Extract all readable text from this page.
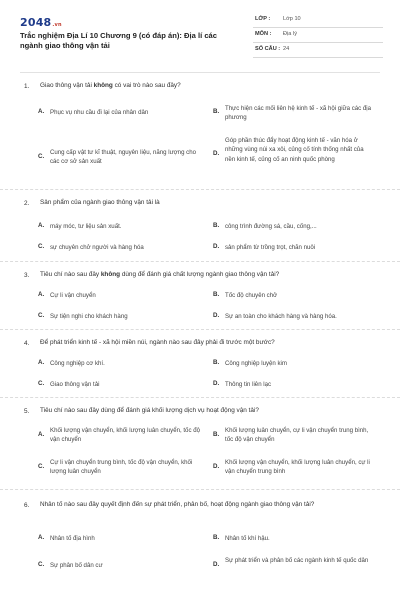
2048.vn
Trắc nghiệm Địa Lí 10 Chương 9 (có đáp án): Địa lí các ngành giao thông vận tải
LỚP : Lớp 10
MÔN : Địa lý
SỐ CÂU : 24
1. Giao thông vận tải không có vai trò nào sau đây?
A. Phục vụ nhu cầu đi lại của nhân dân	B. Thực hiện các mối liên hệ kinh tế - xã hội giữa các địa phương
C.
Cung cấp vật tư kĩ thuật, nguyên liệu, năng lượng cho các cơ sở sản xuất
D.
Góp phần thúc đẩy hoạt động kinh tế - văn hóa ở những vùng núi xa xôi, củng cố tính thống nhất của nền kinh tế, củng cố an ninh quốc phòng
2. Sản phẩm của ngành giao thông vận tải là
A. máy móc, tư liệu sản xuất.	B. công trình đường sá, cầu, cống,...
C. sự chuyên chở người và hàng hóa	D. sản phẩm từ trồng trọt, chăn nuôi
3. Tiêu chí nào sau đây không dùng để đánh giá chất lượng ngành giao thông vận tải?
A. Cự li vận chuyển	B. Tốc độ chuyên chở
C. Sự tiện nghi cho khách hàng	D. Sự an toàn cho khách hàng và hàng hóa.
4. Để phát triển kinh tế - xã hội miền núi, ngành nào sau đây phải đi trước một bước?
A. Công nghiệp cơ khí.	B. Công nghiệp luyện kim
C. Giao thông vận tải	D. Thông tin liên lạc
5. Tiêu chí nào sau đây dùng để đánh giá khối lượng dịch vụ hoạt động vận tải?
A.
Khối lượng vận chuyển, khối lượng luân chuyển, tốc độ vận chuyển
B.
Khối lượng luân chuyển, cự li vận chuyển trung bình, tốc độ vận chuyển
C.
Cự li vận chuyển trung bình, tốc độ vận chuyển, khối lượng luân chuyển
D.
Khối lượng vận chuyển, khối lượng luân chuyển, cự li vận chuyển trung bình
6. Nhân tố nào sau đây quyết định đến sự phát triển, phân bố, hoạt động ngành giao thông vận tải?
A. Nhân tố địa hình	B. Nhân tố khí hậu.
C. Sự phân bố dân cư	D.
Sự phát triển và phân bố các ngành kinh tế quốc dân
